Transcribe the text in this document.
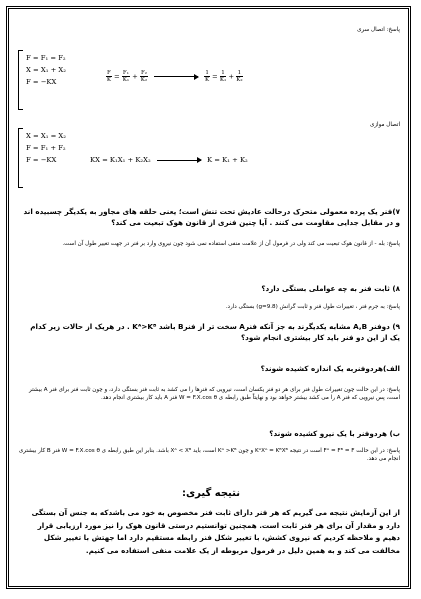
پاسخ: اتصال سری
F = F₁ = F₂
X = X₁ + X₂
F = −KX	$\frac{F}{K} = \frac{\text{F₁}}{\text{K₁}} + \frac{\text{F₂}}{\text{K₂}}$
	$\frac{1}{K} = \frac{1}{\text{K₁}} + \frac{1}{\text{K₂}}$
اتصال موازی
X = X₁ = X₂
F = F₁ + F₂
F = −KX	KX = K₁X₁ + K₂X₂	K = K₁ + K₂
۷)فنر یک پرده معمولی متحرک درحالت عادیش تحت تنش است؛ یعنی حلقه های مجاور به یکدیگر چسبیده اند و در مقابل جدایی مقاومت می کنند . آیا چنین فنری از قانون هوک تبعیت می کند؟
پاسخ: بله - از قانون هوک تبعیت می کند ولی در فرمول آن از علامت منفی استفاده نمی شود چون نیروی وارد بر فنر در جهت تغییر طول آن است.
۸) ثابت فنر به چه عواملی بستگی دارد؟
پاسخ: به جرم فنر ، تغییرات طول فنر و ثابت گرانش (g=9.8) بستگی دارد.
۹) دوفنر A,B مشابه یکدیگرند به جز آنکه فنرA سخت تر از فنرB باشد Kᴬ>Kᴮ . در هریک از حالات زیر کدام یک از این دو فنر باید کار بیشتری انجام شود؟
الف)هردوفنربه یک اندازه کشیده شوند؟
پاسخ: در این حالت چون تغییرات طول فنر برای هر دو فنر یکسان است، نیرویی که فنرها را می کشد به ثابت فنر بستگی دارد، و چون ثابت فنر برای فنر A بیشتر است، پس نیرویی که فنر A را می کشد بیشتر خواهد بود و نهایتاً طبق رابطه ی W = F.X.cos θ فنر A باید کار بیشتری انجام دهد.
ب) هردوفنر با یک نیرو کشیده شوند؟
پاسخ: در این حالت Fᴬ = Fᴮ = F است در نتیجه KᴬXᴬ = KᴮXᴮ و چون Kᴬ >Kᴮ است، باید Xᴬ < Xᴮ باشد. بنابر این طبق رابطه ی W = F.X.cos θ فنر B کار بیشتری انجام می دهد.
نتیجه گیری:
از این آزمایش نتیجه می گیریم که هر فنر دارای ثابت فنر مخصوص به خود می باشدکه به جنس آن بستگی دارد و مقدار آن برای هر فنر ثابت است. همچنین توانستیم درستی قانون هوک را نیز مورد ارزیابی قرار دهیم و ملاحظه کردیم که نیروی کشش، با تغییر شکل فنر رابطه مستقیم دارد اما جهتش با تغییر شکل مخالفت می کند و به همین دلیل در فرمول مربوطه از یک علامت منفی استفاده می کنیم.
